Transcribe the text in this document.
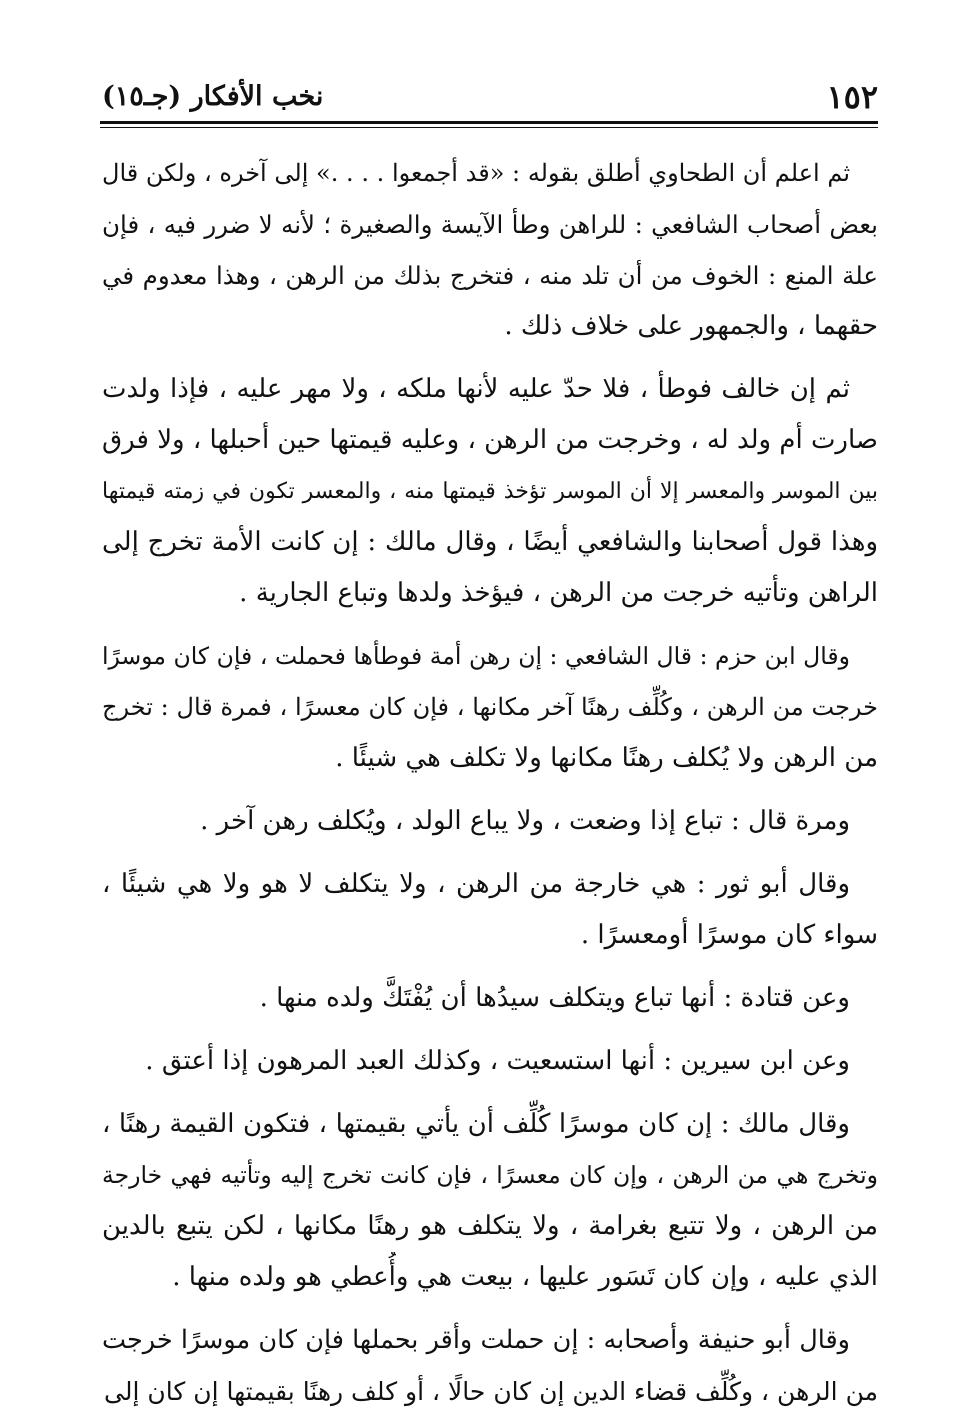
١٥٢
نخب الأفكار (جـ١٥)
ثم اعلم أن الطحاوي أطلق بقوله : «قد أجمعوا . . . .» إلى آخره ، ولكن قال
بعض أصحاب الشافعي : للراهن وطأ الآيسة والصغيرة ؛ لأنه لا ضرر فيه ، فإن
علة المنع : الخوف من أن تلد منه ، فتخرج بذلك من الرهن ، وهذا معدوم في
حقهما ، والجمهور على خلاف ذلك .
ثم إن خالف فوطأ ، فلا حدّ عليه لأنها ملكه ، ولا مهر عليه ، فإذا ولدت
صارت أم ولد له ، وخرجت من الرهن ، وعليه قيمتها حين أحبلها ، ولا فرق
بين الموسر والمعسر إلا أن الموسر تؤخذ قيمتها منه ، والمعسر تكون في زمته قيمتها
وهذا قول أصحابنا والشافعي أيضًا ، وقال مالك : إن كانت الأمة تخرج إلى
الراهن وتأتيه خرجت من الرهن ، فيؤخذ ولدها وتباع الجارية .
وقال ابن حزم : قال الشافعي : إن رهن أمة فوطأها فحملت ، فإن كان موسرًا
خرجت من الرهن ، وكُلِّف رهنًا آخر مكانها ، فإن كان معسرًا ، فمرة قال : تخرج
من الرهن ولا يُكلف رهنًا مكانها ولا تكلف هي شيئًا .
ومرة قال : تباع إذا وضعت ، ولا يباع الولد ، ويُكلف رهن آخر .
وقال أبو ثور : هي خارجة من الرهن ، ولا يتكلف لا هو ولا هي شيئًا ،
سواء كان موسرًا أومعسرًا .
وعن قتادة : أنها تباع ويتكلف سيدُها أن يُفْتَكَّ ولده منها .
وعن ابن سيرين : أنها استسعيت ، وكذلك العبد المرهون إذا أعتق .
وقال مالك : إن كان موسرًا كُلِّف أن يأتي بقيمتها ، فتكون القيمة رهنًا ،
وتخرج هي من الرهن ، وإن كان معسرًا ، فإن كانت تخرج إليه وتأتيه فهي خارجة
من الرهن ، ولا تتبع بغرامة ، ولا يتكلف هو رهنًا مكانها ، لكن يتبع بالدين
الذي عليه ، وإن كان تَسَور عليها ، بيعت هي وأُعطي هو ولده منها .
وقال أبو حنيفة وأصحابه : إن حملت وأقر بحملها فإن كان موسرًا خرجت
من الرهن ، وكُلِّف قضاء الدين إن كان حالًا ، أو كلف رهنًا بقيمتها إن كان إلى
